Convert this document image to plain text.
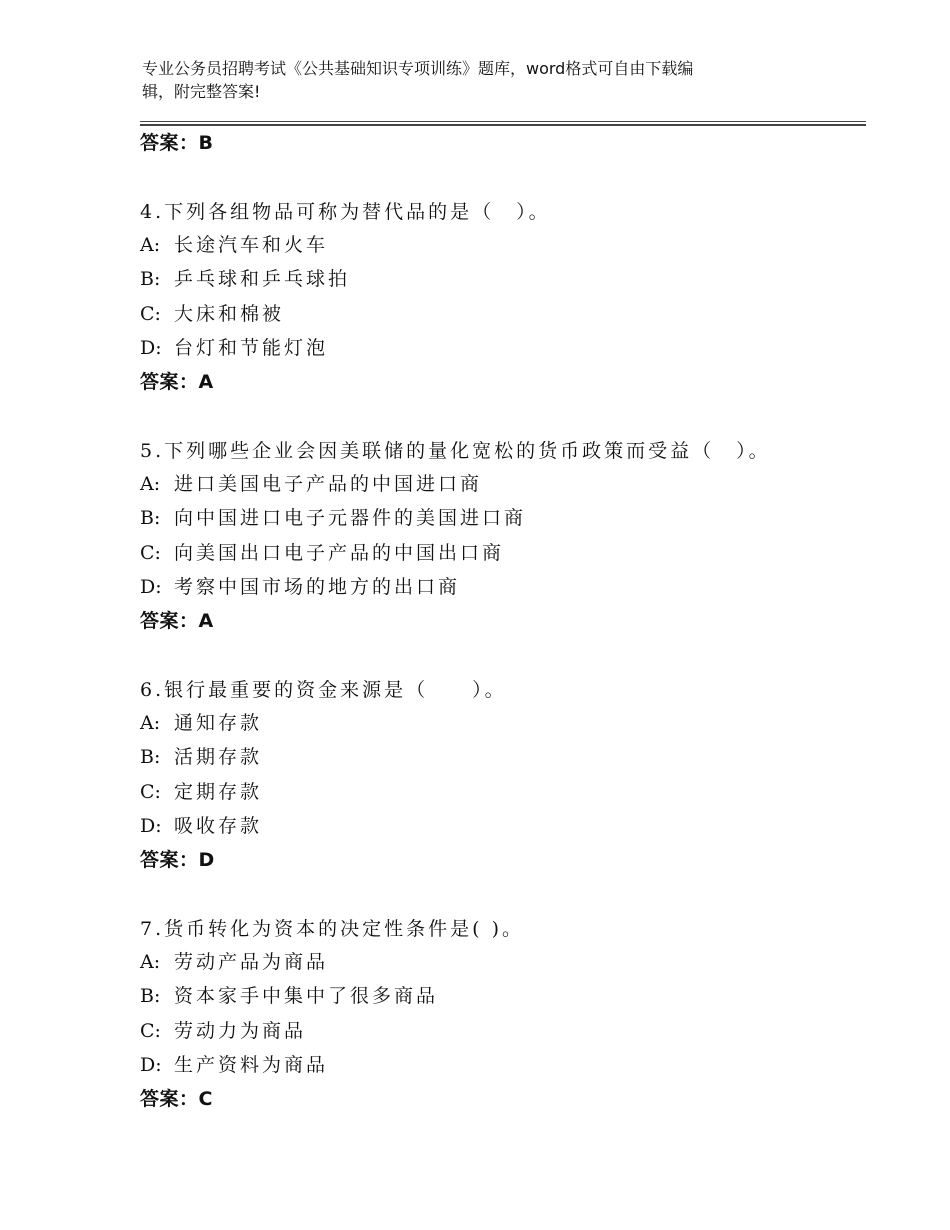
专业公务员招聘考试《公共基础知识专项训练》题库，word格式可自由下载编
辑，附完整答案!
答案：B
4.下列各组物品可称为替代品的是（　）。
A: 长途汽车和火车
B: 乒乓球和乒乓球拍
C: 大床和棉被
D: 台灯和节能灯泡
答案：A
5.下列哪些企业会因美联储的量化宽松的货币政策而受益（　）。
A: 进口美国电子产品的中国进口商
B: 向中国进口电子元器件的美国进口商
C: 向美国出口电子产品的中国出口商
D: 考察中国市场的地方的出口商
答案：A
6.银行最重要的资金来源是（　　）。
A: 通知存款
B: 活期存款
C: 定期存款
D: 吸收存款
答案：D
7.货币转化为资本的决定性条件是( )。
A: 劳动产品为商品
B: 资本家手中集中了很多商品
C: 劳动力为商品
D: 生产资料为商品
答案：C
